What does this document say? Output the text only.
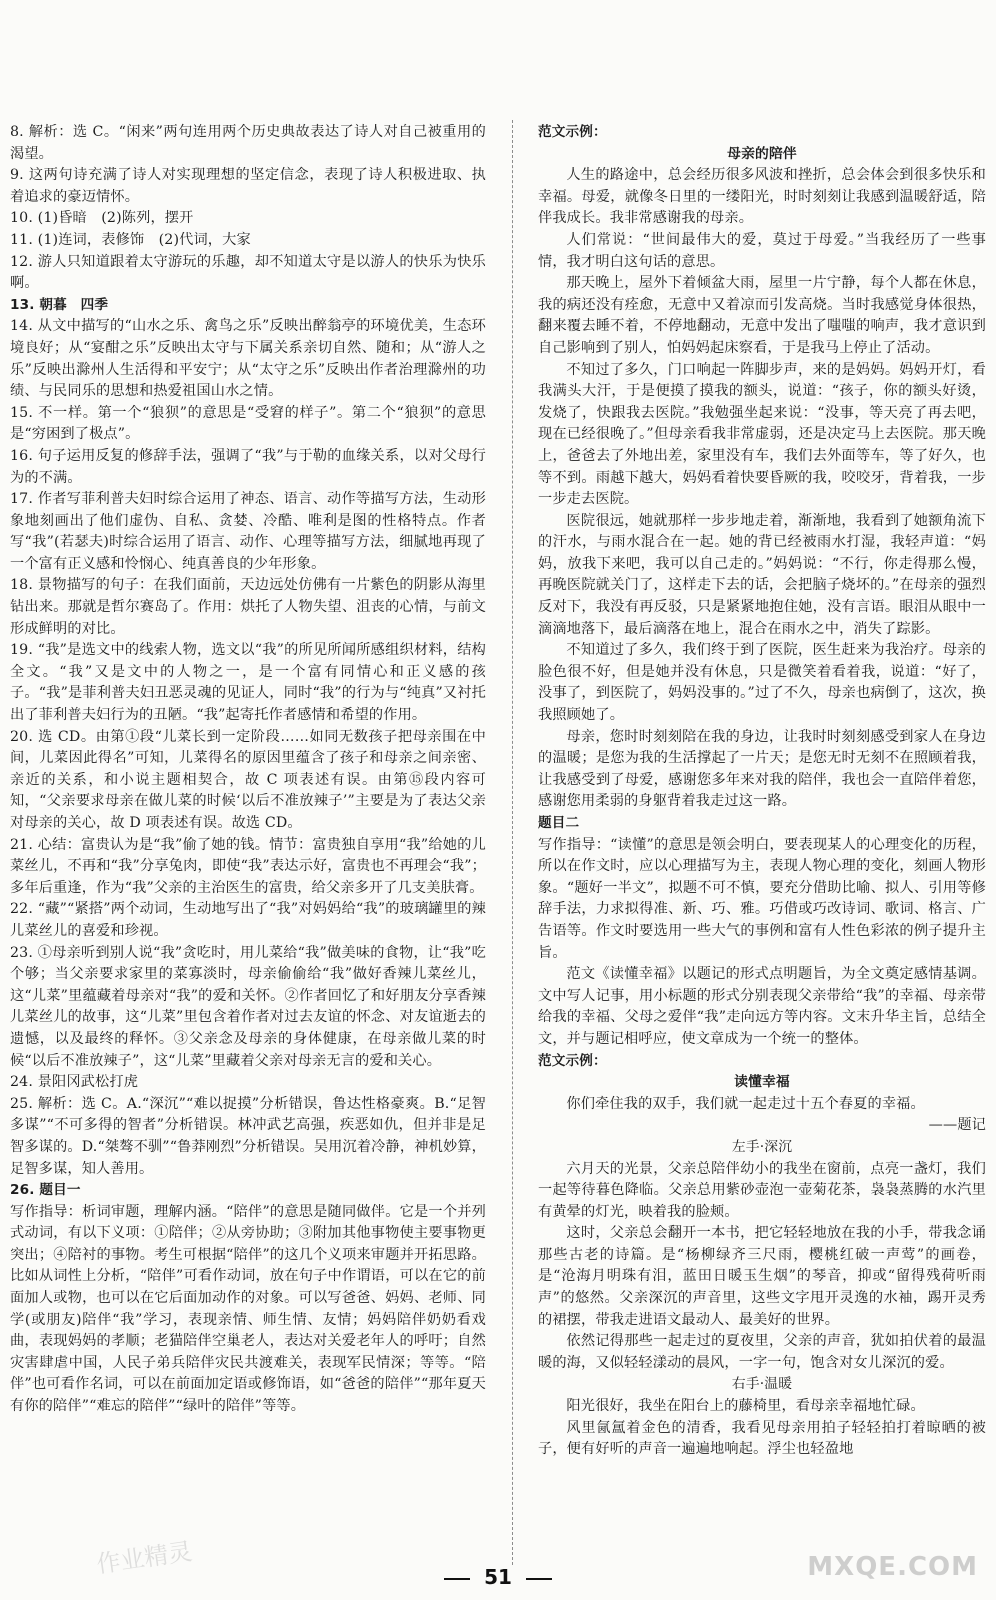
8. 解析：选 C。“闲来”两句连用两个历史典故表达了诗人对自己被重用的渴望。

9. 这两句诗充满了诗人对实现理想的坚定信念，表现了诗人积极进取、执着追求的豪迈情怀。

10. (1)昏暗　(2)陈列，摆开

11. (1)连词，表修饰　(2)代词，大家

12. 游人只知道跟着太守游玩的乐趣，却不知道太守是以游人的快乐为快乐啊。

13. 朝暮　四季

14. 从文中描写的“山水之乐、禽鸟之乐”反映出醉翁亭的环境优美，生态环境良好；从“宴酣之乐”反映出太守与下属关系亲切自然、随和；从“游人之乐”反映出滁州人生活得和平安宁；从“太守之乐”反映出作者治理滁州的功绩、与民同乐的思想和热爱祖国山水之情。

15. 不一样。第一个“狼狈”的意思是“受窘的样子”。第二个“狼狈”的意思是“穷困到了极点”。

16. 句子运用反复的修辞手法，强调了“我”与于勒的血缘关系，以对父母行为的不满。

17. 作者写菲利普夫妇时综合运用了神态、语言、动作等描写方法，生动形象地刻画出了他们虚伪、自私、贪婪、冷酷、唯利是图的性格特点。作者写“我”(若瑟夫)时综合运用了语言、动作、心理等描写方法，细腻地再现了一个富有正义感和怜悯心、纯真善良的少年形象。

18. 景物描写的句子：在我们面前，天边远处仿佛有一片紫色的阴影从海里钻出来。那就是哲尔赛岛了。作用：烘托了人物失望、沮丧的心情，与前文形成鲜明的对比。

19. “我”是选文中的线索人物，选文以“我”的所见所闻所感组织材料，结构全文。“我”又是文中的人物之一，是一个富有同情心和正义感的孩子。“我”是菲利普夫妇丑恶灵魂的见证人，同时“我”的行为与“纯真”又衬托出了菲利普夫妇行为的丑陋。“我”起寄托作者感情和希望的作用。

20. 选 CD。由第①段“儿菜长到一定阶段……如同无数孩子把母亲围在中间，儿菜因此得名”可知，儿菜得名的原因里蕴含了孩子和母亲之间亲密、亲近的关系，和小说主题相契合，故 C 项表述有误。由第⑮段内容可知，“父亲要求母亲在做儿菜的时候‘以后不准放辣子’”主要是为了表达父亲对母亲的关心，故 D 项表述有误。故选 CD。

21. 心结：富贵认为是“我”偷了她的钱。情节：富贵独自享用“我”给她的儿菜丝儿，不再和“我”分享兔肉，即使“我”表达示好，富贵也不再理会“我”；多年后重逢，作为“我”父亲的主治医生的富贵，给父亲多开了几支美肤膏。

22. “藏”“紧搭”两个动词，生动地写出了“我”对妈妈给“我”的玻璃罐里的辣儿菜丝儿的喜爱和珍视。

23. ①母亲听到别人说“我”贪吃时，用儿菜给“我”做美味的食物，让“我”吃个够；当父亲要求家里的菜寡淡时，母亲偷偷给“我”做好香辣儿菜丝儿，这“儿菜”里蕴藏着母亲对“我”的爱和关怀。②作者回忆了和好朋友分享香辣儿菜丝儿的故事，这“儿菜”里包含着作者对过去友谊的怀念、对友谊逝去的遗憾，以及最终的释怀。③父亲念及母亲的身体健康，在母亲做儿菜的时候“以后不准放辣子”，这“儿菜”里藏着父亲对母亲无言的爱和关心。

24. 景阳冈武松打虎

25. 解析：选 C。A.“深沉”“难以捉摸”分析错误，鲁达性格豪爽。B.“足智多谋”“不可多得的智者”分析错误。林冲武艺高强，疾恶如仇，但并非是足智多谋的。D.“桀骜不驯”“鲁莽刚烈”分析错误。吴用沉着冷静，神机妙算，足智多谋，知人善用。

26. 题目一

写作指导：析词审题，理解内涵。“陪伴”的意思是随同做伴。它是一个并列式动词，有以下义项：①陪伴；②从旁协助；③附加其他事物使主要事物更突出；④陪衬的事物。考生可根据“陪伴”的这几个义项来审题并开拓思路。比如从词性上分析，“陪伴”可看作动词，放在句子中作谓语，可以在它的前面加人或物，也可以在它后面加动作的对象。可以写爸爸、妈妈、老师、同学(或朋友)陪伴“我”学习，表现亲情、师生情、友情；妈妈陪伴奶奶看戏曲，表现妈妈的孝顺；老猫陪伴空巢老人，表达对关爱老年人的呼吁；自然灾害肆虐中国，人民子弟兵陪伴灾民共渡难关，表现军民情深；等等。“陪伴”也可看作名词，可以在前面加定语或修饰语，如“爸爸的陪伴”“那年夏天有你的陪伴”“难忘的陪伴”“绿叶的陪伴”等等。

范文示例：

母亲的陪伴

人生的路途中，总会经历很多风波和挫折，总会体会到很多快乐和幸福。母爱，就像冬日里的一缕阳光，时时刻刻让我感到温暖舒适，陪伴我成长。我非常感谢我的母亲。

人们常说：“世间最伟大的爱，莫过于母爱。”当我经历了一些事情，我才明白这句话的意思。

那天晚上，屋外下着倾盆大雨，屋里一片宁静，每个人都在休息，我的病还没有痊愈，无意中又着凉而引发高烧。当时我感觉身体很热，翻来覆去睡不着，不停地翻动，无意中发出了嗤嗤的响声，我才意识到自己影响到了别人，怕妈妈起床察看，于是我马上停止了活动。

不知过了多久，门口响起一阵脚步声，来的是妈妈。妈妈开灯，看我满头大汗，于是便摸了摸我的额头，说道：“孩子，你的额头好烫，发烧了，快跟我去医院。”我勉强坐起来说：“没事，等天亮了再去吧，现在已经很晚了。”但母亲看我非常虚弱，还是决定马上去医院。那天晚上，爸爸去了外地出差，家里没有车，我们去外面等车，等了好久，也等不到。雨越下越大，妈妈看着快要昏厥的我，咬咬牙，背着我，一步一步走去医院。

医院很远，她就那样一步步地走着，渐渐地，我看到了她额角流下的汗水，与雨水混合在一起。她的背已经被雨水打湿，我轻声道：“妈妈，放我下来吧，我可以自己走的。”妈妈说：“不行，你走得那么慢，再晚医院就关门了，这样走下去的话，会把脑子烧坏的。”在母亲的强烈反对下，我没有再反驳，只是紧紧地抱住她，没有言语。眼泪从眼中一滴滴地落下，最后滴落在地上，混合在雨水之中，消失了踪影。

不知道过了多久，我们终于到了医院，医生赶来为我治疗。母亲的脸色很不好，但是她并没有休息，只是微笑着看着我，说道：“好了，没事了，到医院了，妈妈没事的。”过了不久，母亲也病倒了，这次，换我照顾她了。

母亲，您时时刻刻陪在我的身边，让我时时刻刻感受到家人在身边的温暖；是您为我的生活撑起了一片天；是您无时无刻不在照顾着我，让我感受到了母爱，感谢您多年来对我的陪伴，我也会一直陪伴着您，感谢您用柔弱的身躯背着我走过这一路。

题目二

写作指导：“读懂”的意思是领会明白，要表现某人的心理变化的历程，所以在作文时，应以心理描写为主，表现人物心理的变化，刻画人物形象。“题好一半文”，拟题不可不慎，要充分借助比喻、拟人、引用等修辞手法，力求拟得准、新、巧、雅。巧借或巧改诗词、歌词、格言、广告语等。作文时要选用一些大气的事例和富有人性色彩浓的例子提升主旨。

范文《读懂幸福》以题记的形式点明题旨，为全文奠定感情基调。文中写人记事，用小标题的形式分别表现父亲带给“我”的幸福、母亲带给我的幸福、父母之爱伴“我”走向远方等内容。文末升华主旨，总结全文，并与题记相呼应，使文章成为一个统一的整体。

范文示例：

读懂幸福

你们牵住我的双手，我们就一起走过十五个春夏的幸福。

——题记

左手·深沉

六月天的光景，父亲总陪伴幼小的我坐在窗前，点亮一盏灯，我们一起等待暮色降临。父亲总用紫砂壶泡一壶菊花茶，袅袅蒸腾的水汽里有黄晕的灯光，映着我的脸颊。

这时，父亲总会翻开一本书，把它轻轻地放在我的小手，带我念诵那些古老的诗篇。是“杨柳绿齐三尺雨，樱桃红破一声莺”的画卷，是“沧海月明珠有泪，蓝田日暖玉生烟”的琴音，抑或“留得残荷听雨声”的悠然。父亲深沉的声音里，这些文字甩开灵逸的水袖，踢开灵秀的裙摆，带我走进语文最动人、最美好的世界。

依然记得那些一起走过的夏夜里，父亲的声音，犹如拍伏着的最温暖的海，又似轻轻漾动的晨风，一字一句，饱含对女儿深沉的爱。

右手·温暖

阳光很好，我坐在阳台上的藤椅里，看母亲幸福地忙碌。

风里氤氲着金色的清香，我看见母亲用拍子轻轻拍打着晾晒的被子，便有好听的声音一遍遍地响起。浮尘也轻盈地

作业精灵	51	MXQE.COM
